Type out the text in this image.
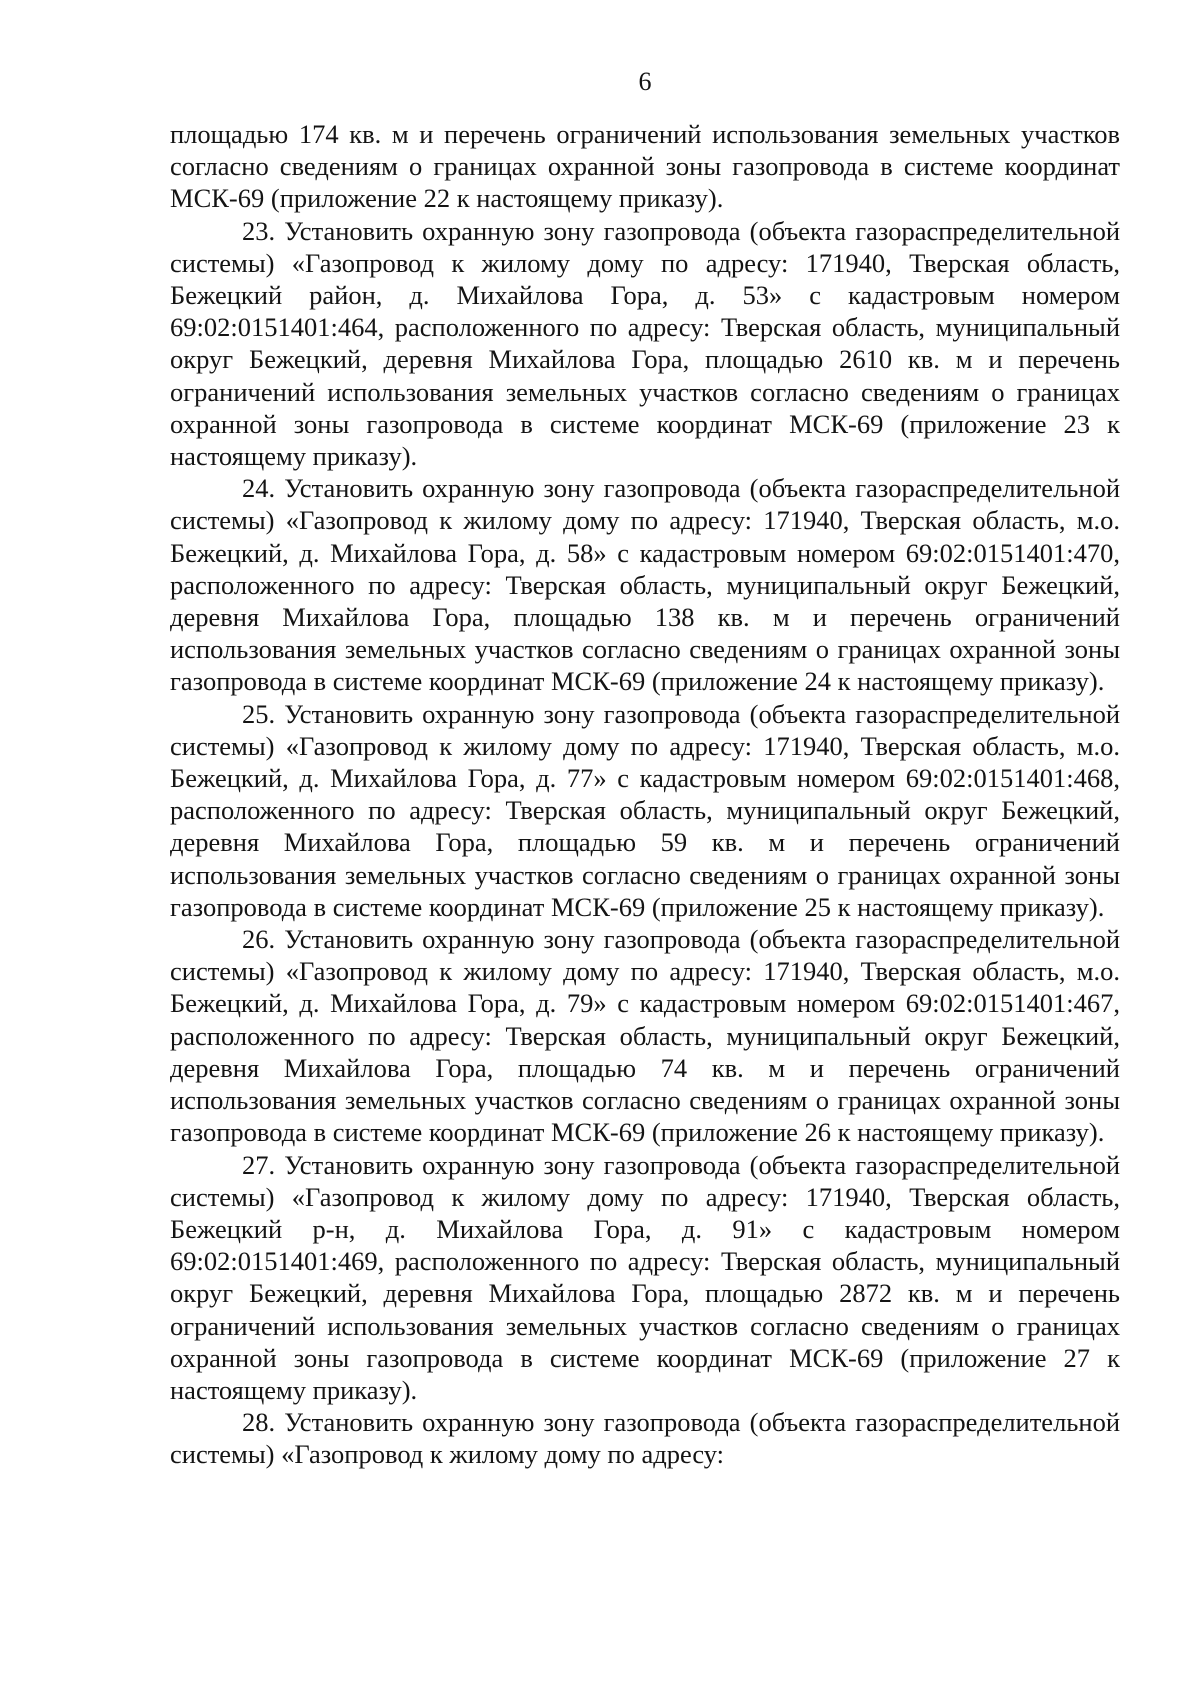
6

площадью 174 кв. м и перечень ограничений использования земельных участков согласно сведениям о границах охранной зоны газопровода в системе координат МСК-69 (приложение 22 к настоящему приказу).

23. Установить охранную зону газопровода (объекта газораспределительной системы) «Газопровод к жилому дому по адресу: 171940, Тверская область, Бежецкий район, д. Михайлова Гора, д. 53» с кадастровым номером 69:02:0151401:464, расположенного по адресу: Тверская область, муниципальный округ Бежецкий, деревня Михайлова Гора, площадью 2610 кв. м и перечень ограничений использования земельных участков согласно сведениям о границах охранной зоны газопровода в системе координат МСК-69 (приложение 23 к настоящему приказу).

24. Установить охранную зону газопровода (объекта газораспределительной системы) «Газопровод к жилому дому по адресу: 171940, Тверская область, м.о. Бежецкий, д. Михайлова Гора, д. 58» с кадастровым номером 69:02:0151401:470, расположенного по адресу: Тверская область, муниципальный округ Бежецкий, деревня Михайлова Гора, площадью 138 кв. м и перечень ограничений использования земельных участков согласно сведениям о границах охранной зоны газопровода в системе координат МСК-69 (приложение 24 к настоящему приказу).

25. Установить охранную зону газопровода (объекта газораспределительной системы) «Газопровод к жилому дому по адресу: 171940, Тверская область, м.о. Бежецкий, д. Михайлова Гора, д. 77» с кадастровым номером 69:02:0151401:468, расположенного по адресу: Тверская область, муниципальный округ Бежецкий, деревня Михайлова Гора, площадью 59 кв. м и перечень ограничений использования земельных участков согласно сведениям о границах охранной зоны газопровода в системе координат МСК-69 (приложение 25 к настоящему приказу).

26. Установить охранную зону газопровода (объекта газораспределительной системы) «Газопровод к жилому дому по адресу: 171940, Тверская область, м.о. Бежецкий, д. Михайлова Гора, д. 79» с кадастровым номером 69:02:0151401:467, расположенного по адресу: Тверская область, муниципальный округ Бежецкий, деревня Михайлова Гора, площадью 74 кв. м и перечень ограничений использования земельных участков согласно сведениям о границах охранной зоны газопровода в системе координат МСК-69 (приложение 26 к настоящему приказу).

27. Установить охранную зону газопровода (объекта газораспределительной системы) «Газопровод к жилому дому по адресу: 171940, Тверская область, Бежецкий р-н, д. Михайлова Гора, д. 91» с кадастровым номером 69:02:0151401:469, расположенного по адресу: Тверская область, муниципальный округ Бежецкий, деревня Михайлова Гора, площадью 2872 кв. м и перечень ограничений использования земельных участков согласно сведениям о границах охранной зоны газопровода в системе координат МСК-69 (приложение 27 к настоящему приказу).

28. Установить охранную зону газопровода (объекта газораспределительной системы) «Газопровод к жилому дому по адресу:
